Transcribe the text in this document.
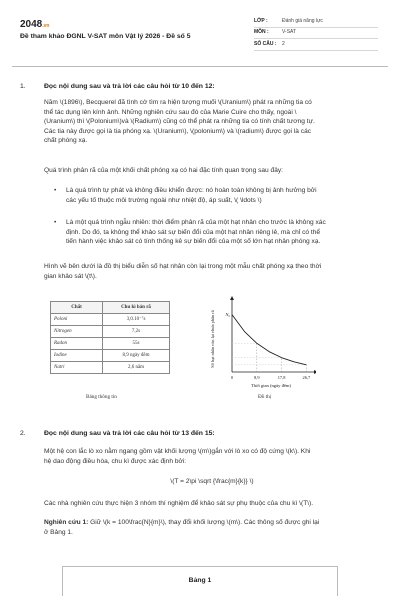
2048.vn
Đề tham khảo ĐGNL V-SAT môn Vật lý 2026 - Đề số 5
LỚP :	Đánh giá năng lực
MÔN :	V-SAT
SỐ CÂU :	2
1.	Đọc nội dung sau và trả lời các câu hỏi từ 10 đến 12:
Năm \(1896\), Becquerel đã tình cờ tìm ra hiện tượng muối \(Uranium\) phát ra những tia có
thể tác dụng lên kính ảnh. Những nghiên cứu sau đó của Marie Cuire cho thấy, ngoài \
(Uranium\) thì \(Polonium\)và \(Radium\) cũng có thể phát ra những tia có tính chất tương tự.
Các tia này được gọi là tia phóng xạ. \(Uranium\), \(polonium\) và \(radium\) được gọi là các
chất phóng xạ.
Quá trình phân rã của một khối chất phóng xạ có hai đặc tính quan trọng sau đây:
• Là quá trình tự phát và không điều khiển được: nó hoàn toàn không bị ảnh hưởng bởi
các yếu tố thuộc môi trường ngoài như nhiệt độ, áp suất, \( \ldots \)
• Là một quá trình ngẫu nhiên: thời điểm phân rã của một hạt nhân cho trước là không xác
định. Do đó, ta không thể khảo sát sự biến đổi của một hạt nhân riêng lẻ, mà chỉ có thể
tiến hành việc khảo sát có tính thống kê sự biến đổi của một số lớn hạt nhân phóng xạ.
Hình vẽ bên dưới là đồ thị biểu diễn số hạt nhân còn lại trong một mẫu chất phóng xạ theo thời
gian khảo sát \(t\).
Chất	Chu kì bán rã
Poloni	3,0.10⁻⁷s
Nitrogen	7,2s
Radon	55s
Iodine	8,9 ngày đêm
Natri	2,6 năm
Bảng thông tin
0	8,9	17,8	26,7
N₀
Thời gian (ngày đêm)
Số hạt nhân còn lại chưa phân rã
Đồ thị
2.	Đọc nội dung sau và trả lời các câu hỏi từ 13 đến 15:
Một hệ con lắc lò xo nằm ngang gồm vật khối lượng \(m\)gắn với lò xo có độ cứng \(k\). Khi
hệ dao động điều hòa, chu kì được xác định bởi:
\(T = 2\pi \sqrt {\frac{m}{k}} \)
Các nhà nghiên cứu thực hiện 3 nhóm thí nghiệm để khảo sát sự phụ thuộc của chu kì \(T\).
Nghiên cứu 1: Giữ \(k = 100\frac{N}{m}\), thay đổi khối lượng \(m\). Các thông số được ghi lại
ở Bảng 1.
Bảng 1
